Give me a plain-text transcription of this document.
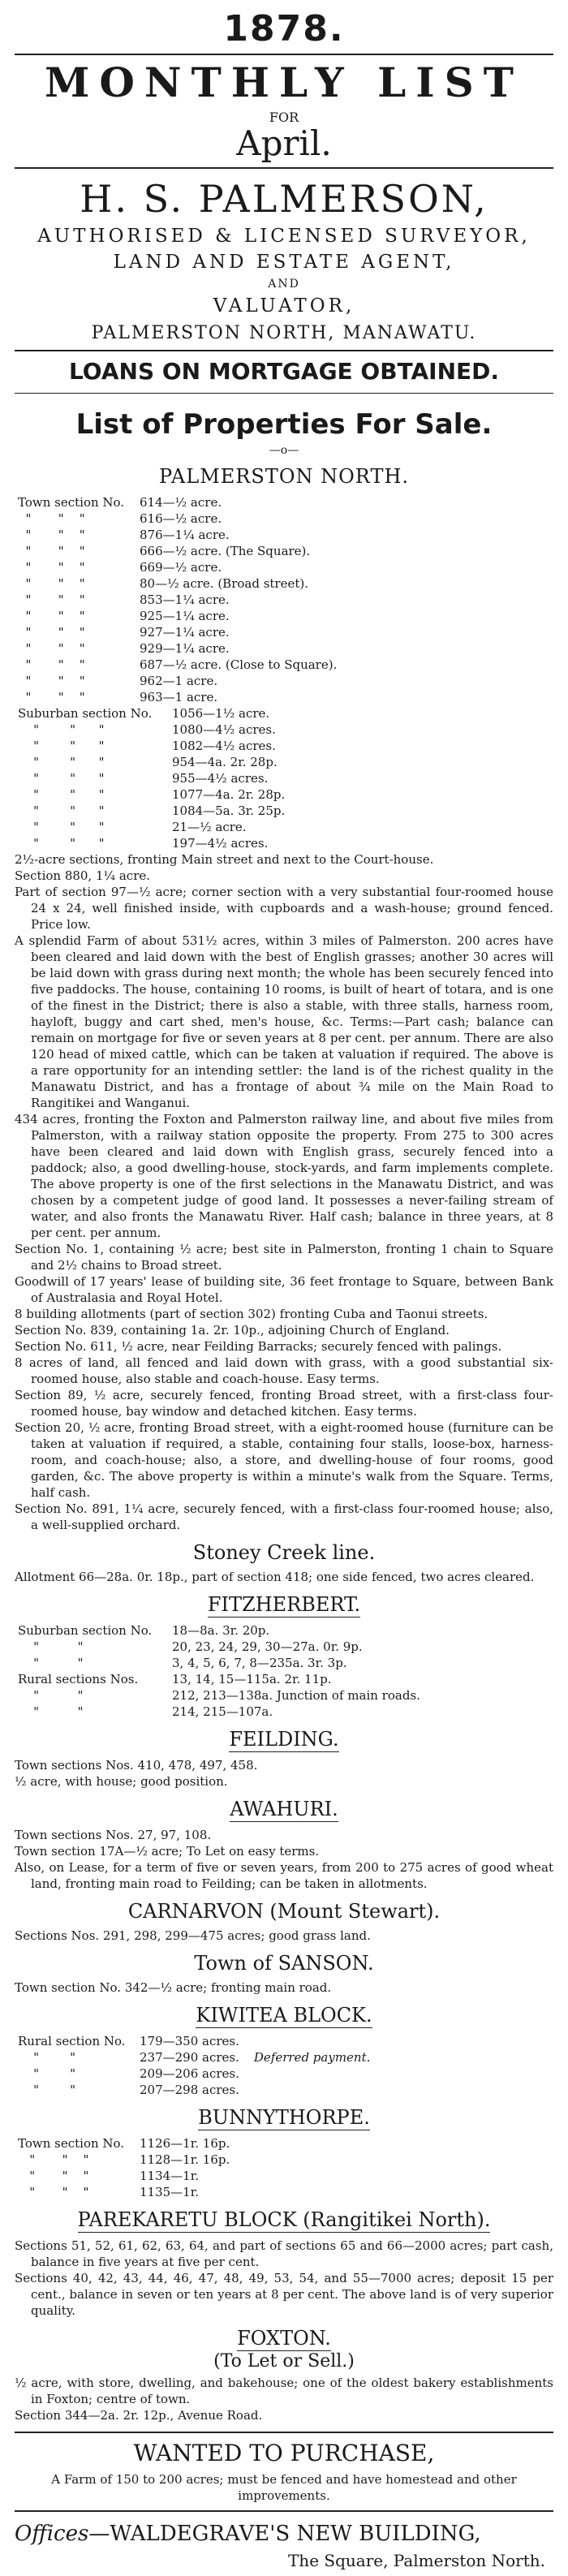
1878.
MONTHLY LIST
FOR
April.
H. S. PALMERSON,
AUTHORISED & LICENSED SURVEYOR,
LAND AND ESTATE AGENT,
AND
VALUATOR,
PALMERSTON NORTH, MANAWATU.
LOANS ON MORTGAGE OBTAINED.
List of Properties For Sale.
—o—
PALMERSTON NORTH.
Town section No.	614—½ acre.
"       "    "	616—½ acre.
"       "    "	876—1¼ acre.
"       "    "	666—½ acre. (The Square).
"       "    "	669—½ acre.
"       "    "	80—½ acre. (Broad street).
"       "    "	853—1¼ acre.
"       "    "	925—1¼ acre.
"       "    "	927—1¼ acre.
"       "    "	929—1¼ acre.
"       "    "	687—½ acre. (Close to Square).
"       "    "	962—1 acre.
"       "    "	963—1 acre.
Suburban section No.	1056—1½ acre.
"        "      "	1080—4½ acres.
"        "      "	1082—4½ acres.
"        "      "	954—4a. 2r. 28p.
"        "      "	955—4½ acres.
"        "      "	1077—4a. 2r. 28p.
"        "      "	1084—5a. 3r. 25p.
"        "      "	21—½ acre.
"        "      "	197—4½ acres.

2½-acre sections, fronting Main street and next to the Court-house.

Section 880, 1¼ acre.

Part of section 97—½ acre; corner section with a very substantial four-roomed house 24 x 24, well finished inside, with cupboards and a wash-house; ground fenced. Price low.

A splendid Farm of about 531½ acres, within 3 miles of Palmerston. 200 acres have been cleared and laid down with the best of English grasses; another 30 acres will be laid down with grass during next month; the whole has been securely fenced into five paddocks. The house, containing 10 rooms, is built of heart of totara, and is one of the finest in the District; there is also a stable, with three stalls, harness room, hayloft, buggy and cart shed, men's house, &c. Terms:—Part cash; balance can remain on mortgage for five or seven years at 8 per cent. per annum. There are also 120 head of mixed cattle, which can be taken at valuation if required. The above is a rare opportunity for an intending settler: the land is of the richest quality in the Manawatu District, and has a frontage of about ¾ mile on the Main Road to Rangitikei and Wanganui.

434 acres, fronting the Foxton and Palmerston railway line, and about five miles from Palmerston, with a railway station opposite the property. From 275 to 300 acres have been cleared and laid down with English grass, securely fenced into a paddock; also, a good dwelling-house, stock-yards, and farm implements complete. The above property is one of the first selections in the Manawatu District, and was chosen by a competent judge of good land. It possesses a never-failing stream of water, and also fronts the Manawatu River. Half cash; balance in three years, at 8 per cent. per annum.

Section No. 1, containing ½ acre; best site in Palmerston, fronting 1 chain to Square and 2½ chains to Broad street.

Goodwill of 17 years' lease of building site, 36 feet frontage to Square, between Bank of Australasia and Royal Hotel.

8 building allotments (part of section 302) fronting Cuba and Taonui streets.

Section No. 839, containing 1a. 2r. 10p., adjoining Church of England.

Section No. 611, ½ acre, near Feilding Barracks; securely fenced with palings.

8 acres of land, all fenced and laid down with grass, with a good substantial six-roomed house, also stable and coach-house. Easy terms.

Section 89, ½ acre, securely fenced, fronting Broad street, with a first-class four-roomed house, bay window and detached kitchen. Easy terms.

Section 20, ½ acre, fronting Broad street, with a eight-roomed house (furniture can be taken at valuation if required, a stable, containing four stalls, loose-box, harness-room, and coach-house; also, a store, and dwelling-house of four rooms, good garden, &c. The above property is within a minute's walk from the Square. Terms, half cash.

Section No. 891, 1¼ acre, securely fenced, with a first-class four-roomed house; also, a well-supplied orchard.

Stoney Creek line.

Allotment 66—28a. 0r. 18p., part of section 418; one side fenced, two acres cleared.

FITZHERBERT.
Suburban section No.	18—8a. 3r. 20p.
"          "	20, 23, 24, 29, 30—27a. 0r. 9p.
"          "	3, 4, 5, 6, 7, 8—235a. 3r. 3p.
Rural sections Nos.	13, 14, 15—115a. 2r. 11p.
"          "	212, 213—138a. Junction of main roads.
"          "	214, 215—107a.
FEILDING.

Town sections Nos. 410, 478, 497, 458.

½ acre, with house; good position.

AWAHURI.

Town sections Nos. 27, 97, 108.

Town section 17A—½ acre; To Let on easy terms.

Also, on Lease, for a term of five or seven years, from 200 to 275 acres of good wheat land, fronting main road to Feilding; can be taken in allotments.

CARNARVON (Mount Stewart).

Sections Nos. 291, 298, 299—475 acres; good grass land.

Town of SANSON.

Town section No. 342—½ acre; fronting main road.

KIWITEA BLOCK.
Rural section No.	179—350 acres.
"        "	237—290 acres. Deferred payment.
"        "	209—206 acres.
"        "	207—298 acres.
BUNNYTHORPE.
Town section No.	1126—1r. 16p.
"       "    "	1128—1r. 16p.
"       "    "	1134—1r.
"       "    "	1135—1r.
PAREKARETU BLOCK (Rangitikei North).

Sections 51, 52, 61, 62, 63, 64, and part of sections 65 and 66—2000 acres; part cash, balance in five years at five per cent.

Sections 40, 42, 43, 44, 46, 47, 48, 49, 53, 54, and 55—7000 acres; deposit 15 per cent., balance in seven or ten years at 8 per cent. The above land is of very superior quality.

FOXTON.
(To Let or Sell.)

½ acre, with store, dwelling, and bakehouse; one of the oldest bakery establishments in Foxton; centre of town.

Section 344—2a. 2r. 12p., Avenue Road.

WANTED TO PURCHASE,

A Farm of 150 to 200 acres; must be fenced and have homestead and other improvements.

Offices—WALDEGRAVE'S NEW BUILDING,
The Square, Palmerston North.
